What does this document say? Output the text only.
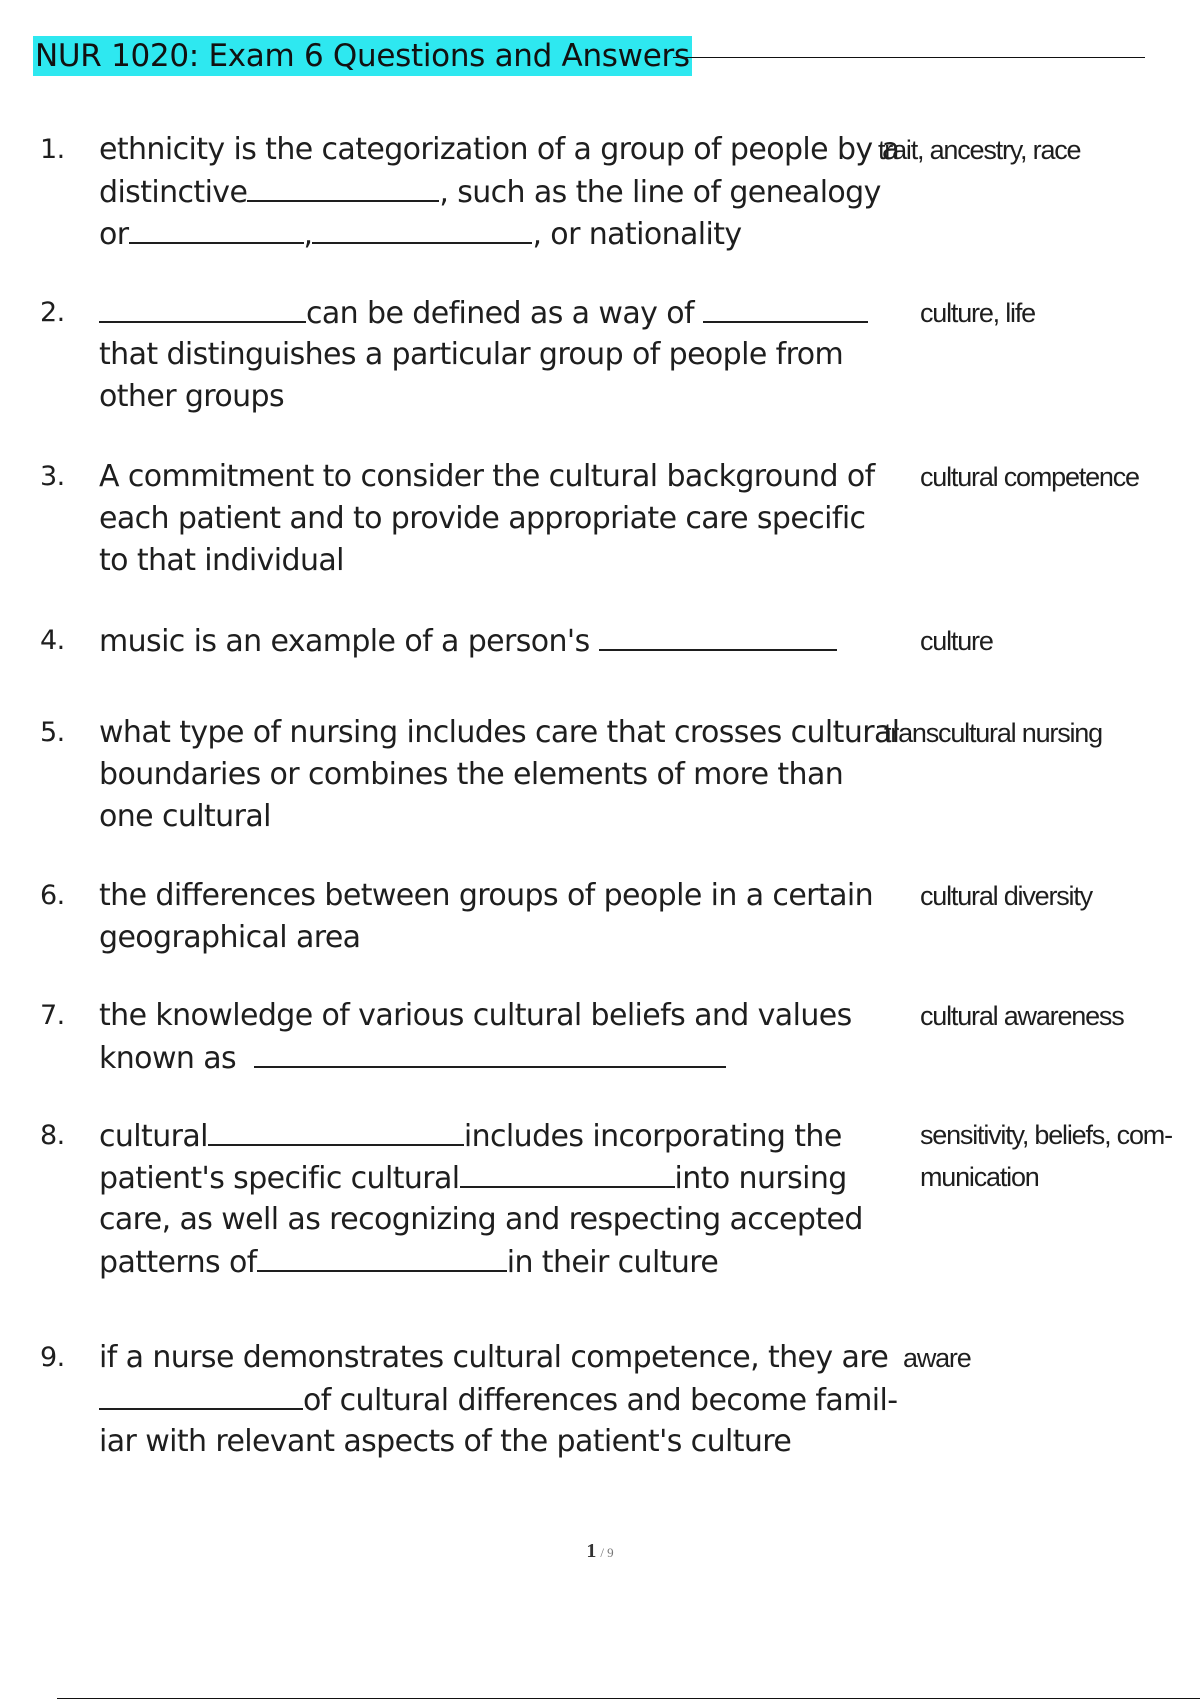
NUR 1020: Exam 6 Questions and Answers
1. ethnicity is the categorization of a group of people by a
distinctive	, such as the line of genealogy
or	,	, or nationality
trait, ancestry, race
2.	can be defined as a way of
that distinguishes a particular group of people from
other groups
culture, life
3. A commitment to consider the cultural background of
each patient and to provide appropriate care specific
to that individual
cultural competence
4. music is an example of a person's	culture
5. what type of nursing includes care that crosses cultural
boundaries or combines the elements of more than
one cultural
transcultural nursing
6. the differences between groups of people in a certain
geographical area
cultural diversity
7. the knowledge of various cultural beliefs and values
known as
cultural awareness
8. cultural	includes incorporating the
patient's specific cultural	into nursing
care, as well as recognizing and respecting accepted
patterns of	in their culture
sensitivity, beliefs, com-
munication
9. if a nurse demonstrates cultural competence, they are
of cultural differences and become famil-
iar with relevant aspects of the patient's culture
aware
1 / 9
